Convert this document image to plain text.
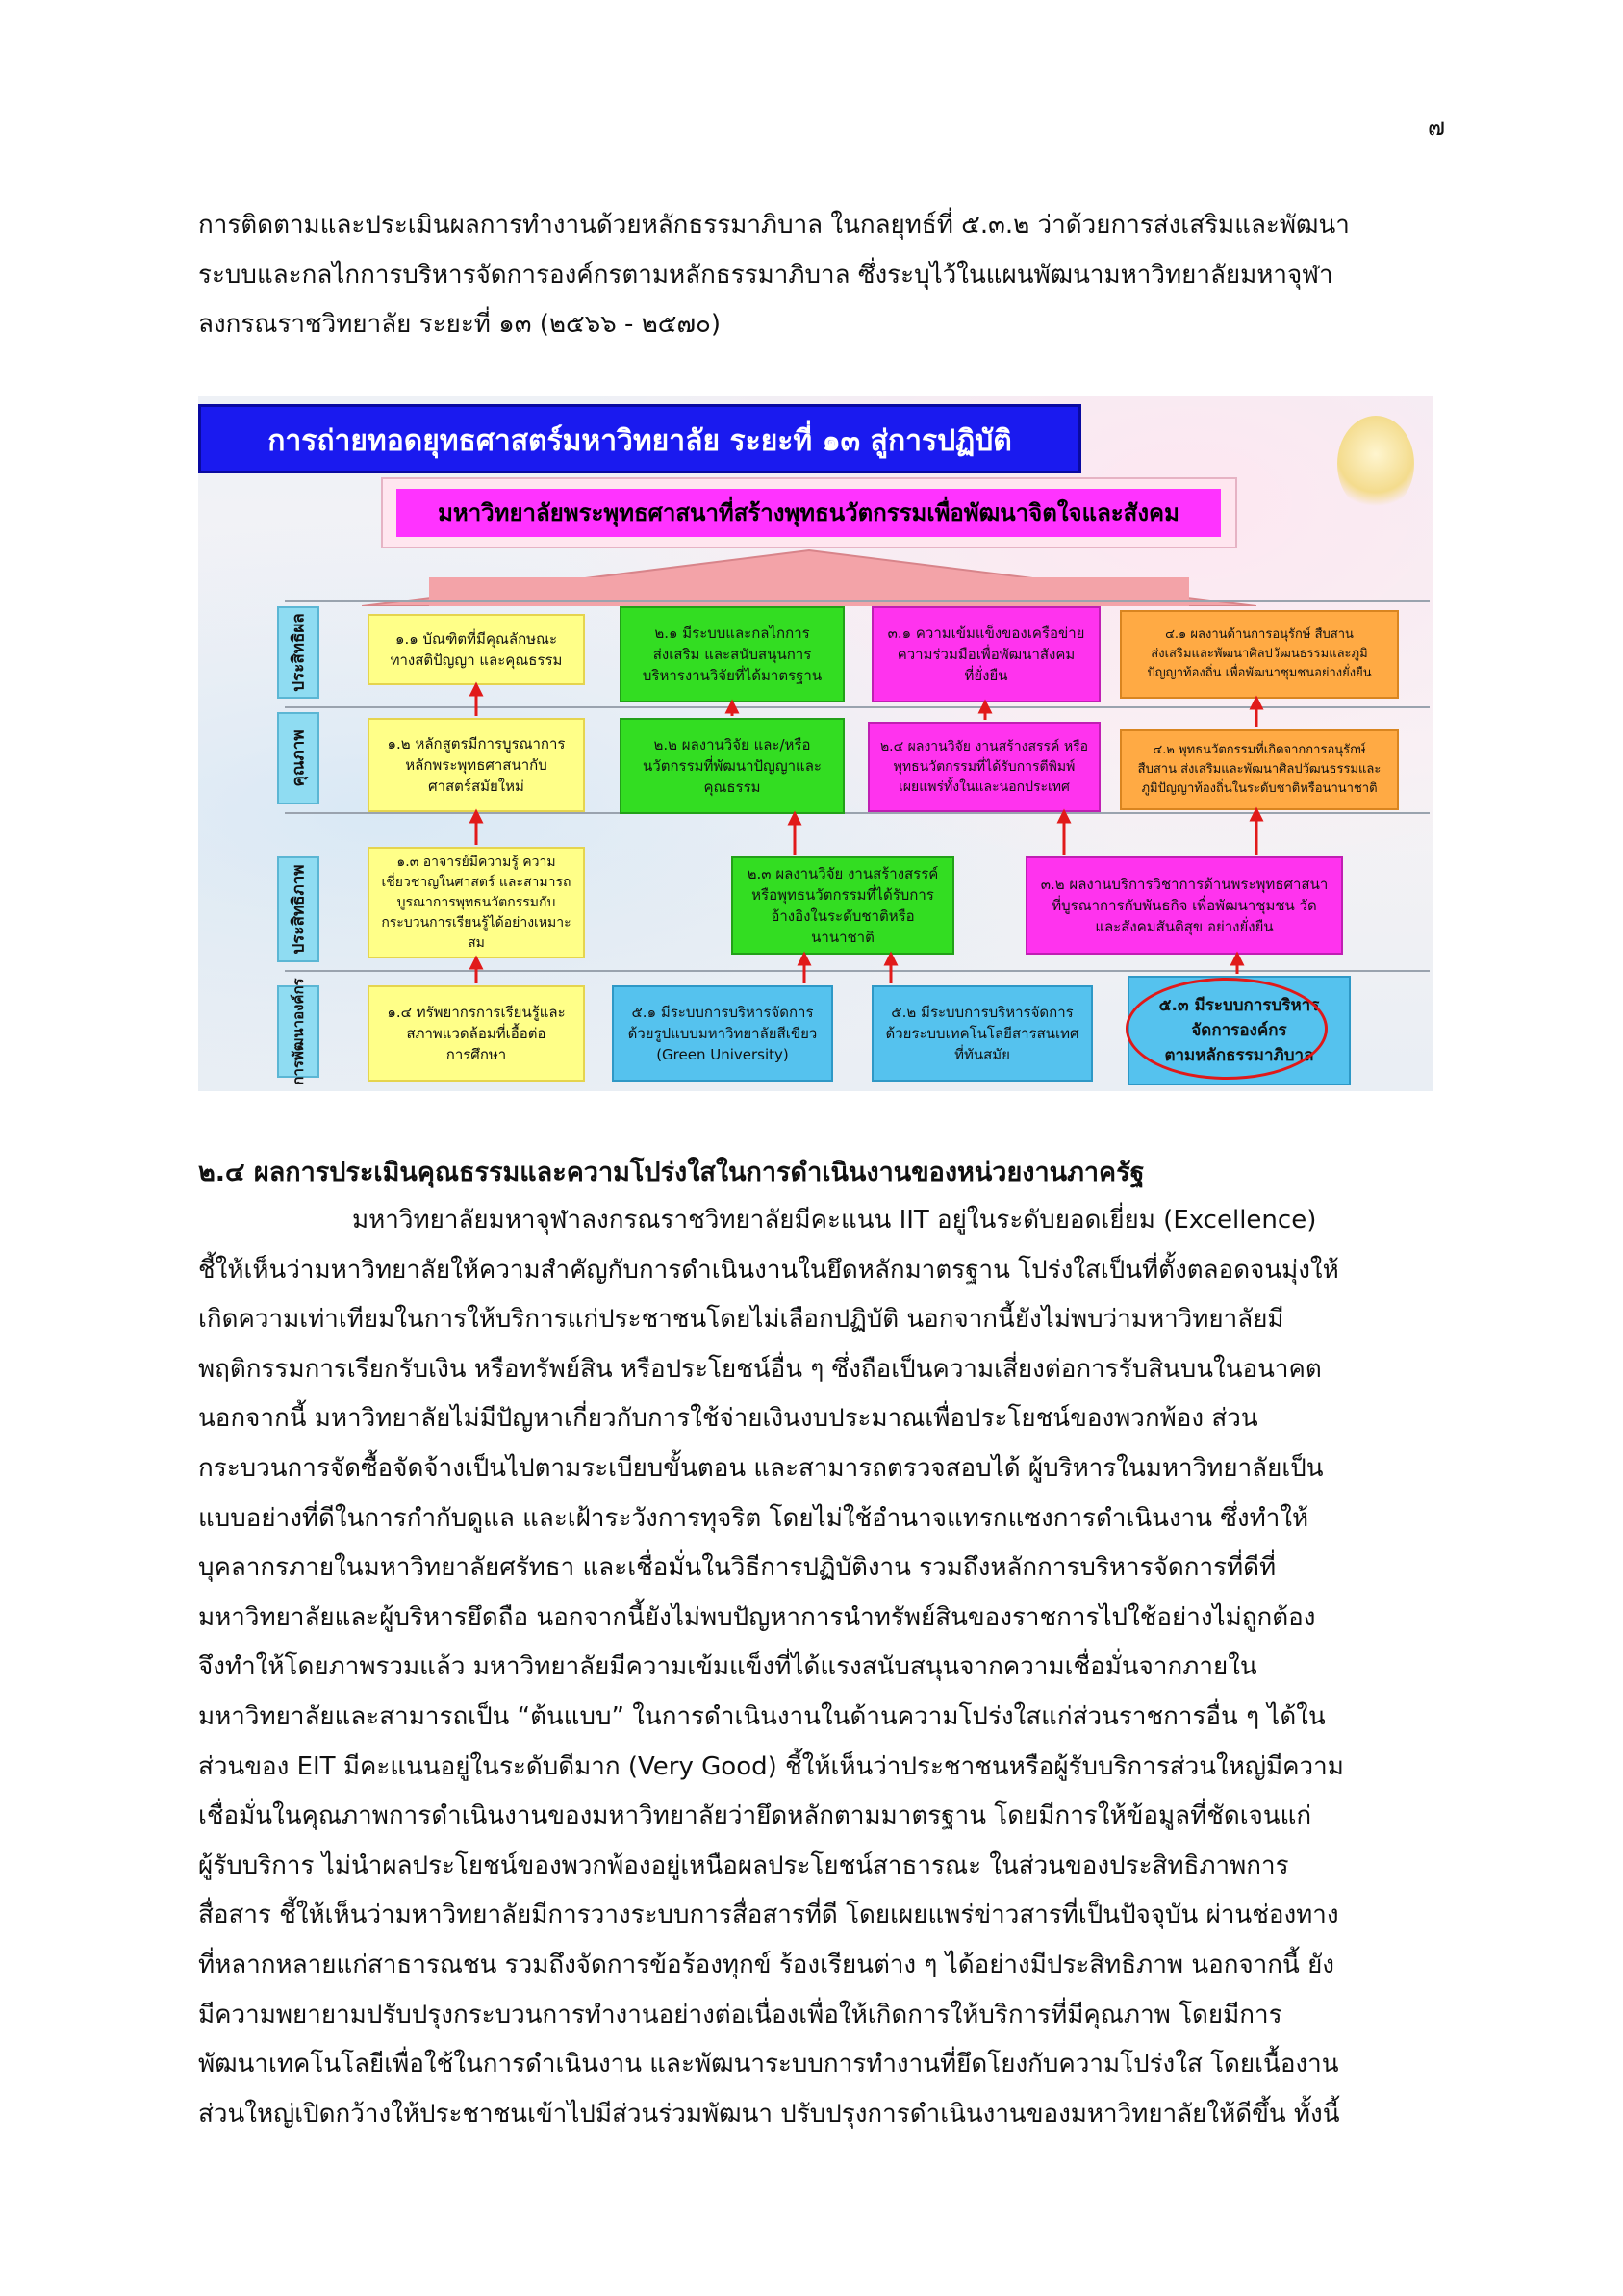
๗
การติดตามและประเมินผลการทำงานด้วยหลักธรรมาภิบาล ในกลยุทธ์ที่ ๕.๓.๒ ว่าด้วยการส่งเสริมและพัฒนา
ระบบและกลไกการบริหารจัดการองค์กรตามหลักธรรมาภิบาล ซึ่งระบุไว้ในแผนพัฒนามหาวิทยาลัยมหาจุฬา
ลงกรณราชวิทยาลัย ระยะที่ ๑๓ (๒๕๖๖ - ๒๕๗๐)
การถ่ายทอดยุทธศาสตร์มหาวิทยาลัย ระยะที่ ๑๓ สู่การปฏิบัติ
มหาวิทยาลัยพระพุทธศาสนาที่สร้างพุทธนวัตกรรมเพื่อพัฒนาจิตใจและสังคม
ประสิทธิผล
คุณภาพ
ประสิทธิภาพ
การพัฒนาองค์กร
๑.๑ บัณฑิตที่มีคุณลักษณะ
ทางสติปัญญา และคุณธรรม
๒.๑ มีระบบและกลไกการ
ส่งเสริม และสนับสนุนการ
บริหารงานวิจัยที่ได้มาตรฐาน
๓.๑ ความเข้มแข็งของเครือข่าย
ความร่วมมือเพื่อพัฒนาสังคม
ที่ยั่งยืน
๔.๑ ผลงานด้านการอนุรักษ์ สืบสาน
ส่งเสริมและพัฒนาศิลปวัฒนธรรมและภูมิ
ปัญญาท้องถิ่น เพื่อพัฒนาชุมชนอย่างยั่งยืน
๑.๒ หลักสูตรมีการบูรณาการ
หลักพระพุทธศาสนากับ
ศาสตร์สมัยใหม่
๒.๒ ผลงานวิจัย และ/หรือ
นวัตกรรมที่พัฒนาปัญญาและ
คุณธรรม
๒.๔ ผลงานวิจัย งานสร้างสรรค์ หรือ
พุทธนวัตกรรมที่ได้รับการตีพิมพ์
เผยแพร่ทั้งในและนอกประเทศ
๔.๒ พุทธนวัตกรรมที่เกิดจากการอนุรักษ์
สืบสาน ส่งเสริมและพัฒนาศิลปวัฒนธรรมและ
ภูมิปัญญาท้องถิ่นในระดับชาติหรือนานาชาติ
๑.๓ อาจารย์มีความรู้ ความ
เชี่ยวชาญในศาสตร์ และสามารถ
บูรณาการพุทธนวัตกรรมกับ
กระบวนการเรียนรู้ได้อย่างเหมาะสม
๒.๓ ผลงานวิจัย งานสร้างสรรค์
หรือพุทธนวัตกรรมที่ได้รับการ
อ้างอิงในระดับชาติหรือนานาชาติ
๓.๒ ผลงานบริการวิชาการด้านพระพุทธศาสนา
ที่บูรณาการกับพันธกิจ เพื่อพัฒนาชุมชน วัด
และสังคมสันติสุข อย่างยั่งยืน
๑.๔ ทรัพยากรการเรียนรู้และ
สภาพแวดล้อมที่เอื้อต่อ
การศึกษา
๕.๑ มีระบบการบริหารจัดการ
ด้วยรูปแบบมหาวิทยาลัยสีเขียว
(Green University)
๕.๒ มีระบบการบริหารจัดการ
ด้วยระบบเทคโนโลยีสารสนเทศ
ที่ทันสมัย
๕.๓ มีระบบการบริหาร
จัดการองค์กร
ตามหลักธรรมาภิบาล
๒.๔ ผลการประเมินคุณธรรมและความโปร่งใสในการดำเนินงานของหน่วยงานภาครัฐ
มหาวิทยาลัยมหาจุฬาลงกรณราชวิทยาลัยมีคะแนน IIT อยู่ในระดับยอดเยี่ยม (Excellence)
ชี้ให้เห็นว่ามหาวิทยาลัยให้ความสำคัญกับการดำเนินงานในยึดหลักมาตรฐาน โปร่งใสเป็นที่ตั้งตลอดจนมุ่งให้
เกิดความเท่าเทียมในการให้บริการแก่ประชาชนโดยไม่เลือกปฏิบัติ นอกจากนี้ยังไม่พบว่ามหาวิทยาลัยมี
พฤติกรรมการเรียกรับเงิน หรือทรัพย์สิน หรือประโยชน์อื่น ๆ ซึ่งถือเป็นความเสี่ยงต่อการรับสินบนในอนาคต
นอกจากนี้ มหาวิทยาลัยไม่มีปัญหาเกี่ยวกับการใช้จ่ายเงินงบประมาณเพื่อประโยชน์ของพวกพ้อง ส่วน
กระบวนการจัดซื้อจัดจ้างเป็นไปตามระเบียบขั้นตอน และสามารถตรวจสอบได้ ผู้บริหารในมหาวิทยาลัยเป็น
แบบอย่างที่ดีในการกำกับดูแล และเฝ้าระวังการทุจริต โดยไม่ใช้อำนาจแทรกแซงการดำเนินงาน ซึ่งทำให้
บุคลากรภายในมหาวิทยาลัยศรัทธา และเชื่อมั่นในวิธีการปฏิบัติงาน รวมถึงหลักการบริหารจัดการที่ดีที่
มหาวิทยาลัยและผู้บริหารยึดถือ นอกจากนี้ยังไม่พบปัญหาการนำทรัพย์สินของราชการไปใช้อย่างไม่ถูกต้อง
จึงทำให้โดยภาพรวมแล้ว มหาวิทยาลัยมีความเข้มแข็งที่ได้แรงสนับสนุนจากความเชื่อมั่นจากภายใน
มหาวิทยาลัยและสามารถเป็น “ต้นแบบ” ในการดำเนินงานในด้านความโปร่งใสแก่ส่วนราชการอื่น ๆ ได้ใน
ส่วนของ EIT มีคะแนนอยู่ในระดับดีมาก (Very Good) ชี้ให้เห็นว่าประชาชนหรือผู้รับบริการส่วนใหญ่มีความ
เชื่อมั่นในคุณภาพการดำเนินงานของมหาวิทยาลัยว่ายึดหลักตามมาตรฐาน โดยมีการให้ข้อมูลที่ชัดเจนแก่
ผู้รับบริการ ไม่นำผลประโยชน์ของพวกพ้องอยู่เหนือผลประโยชน์สาธารณะ ในส่วนของประสิทธิภาพการ
สื่อสาร ชี้ให้เห็นว่ามหาวิทยาลัยมีการวางระบบการสื่อสารที่ดี โดยเผยแพร่ข่าวสารที่เป็นปัจจุบัน ผ่านช่องทาง
ที่หลากหลายแก่สาธารณชน รวมถึงจัดการข้อร้องทุกข์ ร้องเรียนต่าง ๆ ได้อย่างมีประสิทธิภาพ นอกจากนี้ ยัง
มีความพยายามปรับปรุงกระบวนการทำงานอย่างต่อเนื่องเพื่อให้เกิดการให้บริการที่มีคุณภาพ โดยมีการ
พัฒนาเทคโนโลยีเพื่อใช้ในการดำเนินงาน และพัฒนาระบบการทำงานที่ยึดโยงกับความโปร่งใส โดยเนื้องาน
ส่วนใหญ่เปิดกว้างให้ประชาชนเข้าไปมีส่วนร่วมพัฒนา ปรับปรุงการดำเนินงานของมหาวิทยาลัยให้ดีขึ้น ทั้งนี้
